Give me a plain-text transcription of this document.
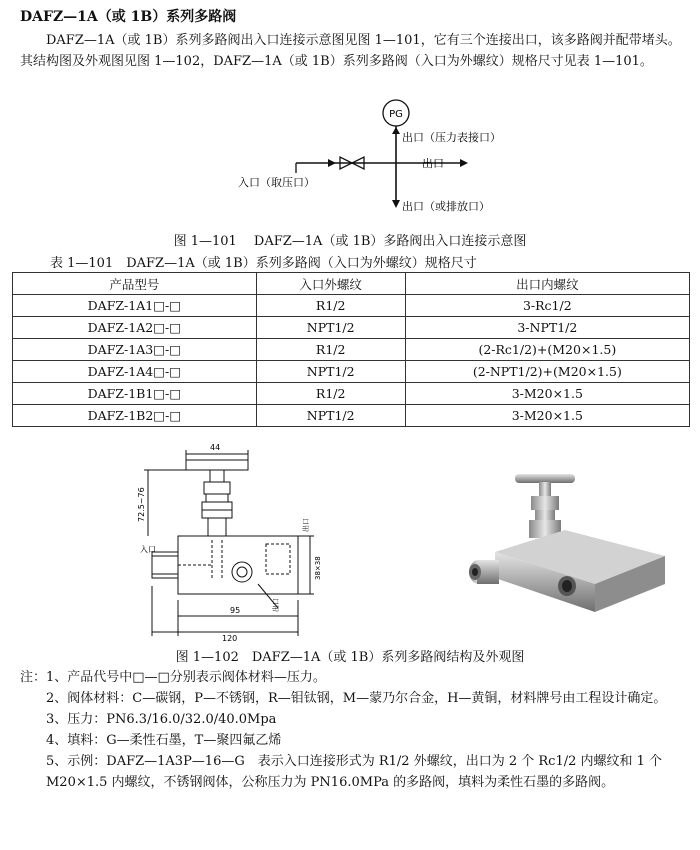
DAFZ—1A（或 1B）系列多路阀
DAFZ—1A（或 1B）系列多路阀出入口连接示意图见图 1—101，它有三个连接出口，该多路阀并配带堵头。其结构图及外观图见图 1—102，DAFZ—1A（或 1B）系列多路阀（入口为外螺纹）规格尺寸见表 1—101。
PG
出口（压力表接口）
出口
入口（取压口）
出口（或排放口）
图 1—101　 DAFZ—1A（或 1B）多路阀出入口连接示意图
表 1—101　DAFZ—1A（或 1B）系列多路阀（入口为外螺纹）规格尺寸
产品型号	入口外螺纹	出口内螺纹
DAFZ-1A1□-□	R1/2	3-Rc1/2
DAFZ-1A2□-□	NPT1/2	3-NPT1/2
DAFZ-1A3□-□	R1/2	(2-Rc1/2)+(M20×1.5)
DAFZ-1A4□-□	NPT1/2	(2-NPT1/2)+(M20×1.5)
DAFZ-1B1□-□	R1/2	3-M20×1.5
DAFZ-1B2□-□	NPT1/2	3-M20×1.5
44
72.5~76
38×38
95
120
入口
出口
出口
图 1—102　DAFZ—1A（或 1B）系列多路阀结构及外观图
注：1、产品代号中□—□分别表示阀体材料—压力。
2、阀体材料：C—碳钢，P—不锈钢，R—钼钛钢，M—蒙乃尔合金，H—黄铜，材料牌号由工程设计确定。
3、压力：PN6.3/16.0/32.0/40.0Mpa
4、填料：G—柔性石墨，T—聚四氟乙烯
5、示例：DAFZ—1A3P—16—G　表示入口连接形式为 R1/2 外螺纹，出口为 2 个 Rc1/2 内螺纹和 1 个 M20×1.5 内螺纹，不锈钢阀体，公称压力为 PN16.0MPa 的多路阀，填料为柔性石墨的多路阀。
